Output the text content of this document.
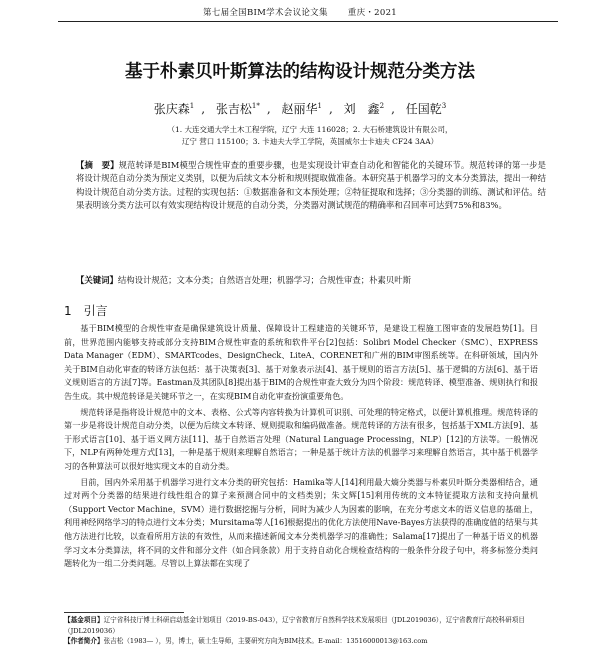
第七届全国BIM学术会议论文集 重庆・2021
基于朴素贝叶斯算法的结构设计规范分类方法
张庆森$^1$ , 张吉松$^{1*}$ , 赵丽华$^1$ , 刘　鑫$^2$ , 任国乾$^3$
（1. 大连交通大学土木工程学院，辽宁 大连 116028；2. 大石桥建筑设计有限公司，
辽宁 营口 115100；3. 卡迪夫大学工学院，英国威尔士卡迪夫 CF24 3AA）
【摘　要】规范转译是BIM模型合规性审查的重要步骤，也是实现设计审查自动化和智能化的关键环节。规范转译的第一步是将设计规范自动分类为预定义类别，以便为后续文本分析和规则提取做准备。本研究基于机器学习的文本分类算法，提出一种结构设计规范自动分类方法。过程的实现包括：①数据准备和文本预处理；②特征提取和选择；③分类器的训练、测试和评估。结果表明该分类方法可以有效实现结构设计规范的自动分类，分类器对测试规范的精确率和召回率可达到75%和83%。
【关键词】结构设计规范；文本分类；自然语言处理；机器学习；合规性审查；朴素贝叶斯
1 引言

基于BIM模型的合规性审查是确保建筑设计质量、保障设计工程建造的关键环节，是建设工程施工图审查的发展趋势[1]。目前，世界范围内能够支持或部分支持BIM合规性审查的系统和软件平台[2]包括：Solibri Model Checker（SMC）、EXPRESS Data Manager（EDM）、SMARTcodes、DesignCheck、LiteA、CORENET和广州的BIM审图系统等。在科研领域，国内外关于BIM自动化审查的转译方法包括：基于决策表[3]、基于对象表示法[4]、基于规则的语言方法[5]、基于逻辑的方法[6]、基于语义规则语言的方法[7]等。Eastman及其团队[8]提出基于BIM的合规性审查大致分为四个阶段：规范转译、模型准备、规则执行和报告生成。其中规范转译是关键环节之一，在实现BIM自动化审查扮演重要角色。

规范转译是指将设计规范中的文本、表格、公式等内容转换为计算机可识别、可处理的特定格式，以便计算机推理。规范转译的第一步是将设计规范自动分类，以便为后续文本转译、规则提取和编码做准备。规范转译的方法有很多，包括基于XML方法[9]、基于形式语言[10]、基于语义网方法[11]、基于自然语言处理（Natural Language Processing，NLP）[12]的方法等。一般情况下，NLP有两种处理方式[13]，一种是基于规则来理解自然语言；一种是基于统计方法的机器学习来理解自然语言，其中基于机器学习的各种算法可以很好地实现文本的自动分类。

目前，国内外采用基于机器学习进行文本分类的研究包括：Hamika等人[14]利用最大熵分类器与朴素贝叶斯分类器相结合，通过对两个分类器的结果进行线性组合的算子来预测合同中的文档类别；朱文辉[15]利用传统的文本特征提取方法和支持向量机（Support Vector Machine，SVM）进行数据挖掘与分析，同时为减少人为因素的影响，在充分考虑文本的语义信息的基础上，利用神经网络学习的特点进行文本分类；Mursitama等人[16]根据提出的优化方法使用Nave-Bayes方法获得的准确度值的结果与其他方法进行比较，以查看所用方法的有效性，从而来描述新闻文本分类机器学习的准确性；Salama[17]提出了一种基于语义的机器学习文本分类算法，将不同的文件和部分文件（如合同条款）用于支持自动化合规检查结构的一般条件分段子句中，将多标签分类问题转化为一组二分类问题。尽管以上算法都在实现了

【基金项目】辽宁省科技厅博士科研启动基金计划项目（2019-BS-043），辽宁省教育厅自然科学技术发展项目（JDL2019036），辽宁省教育厅高校科研项目（JDL2019036）
【作者简介】张吉松（1983— ），男，博士，硕士生导师，主要研究方向为BIM技术。E-mail：13516000013@163.com
